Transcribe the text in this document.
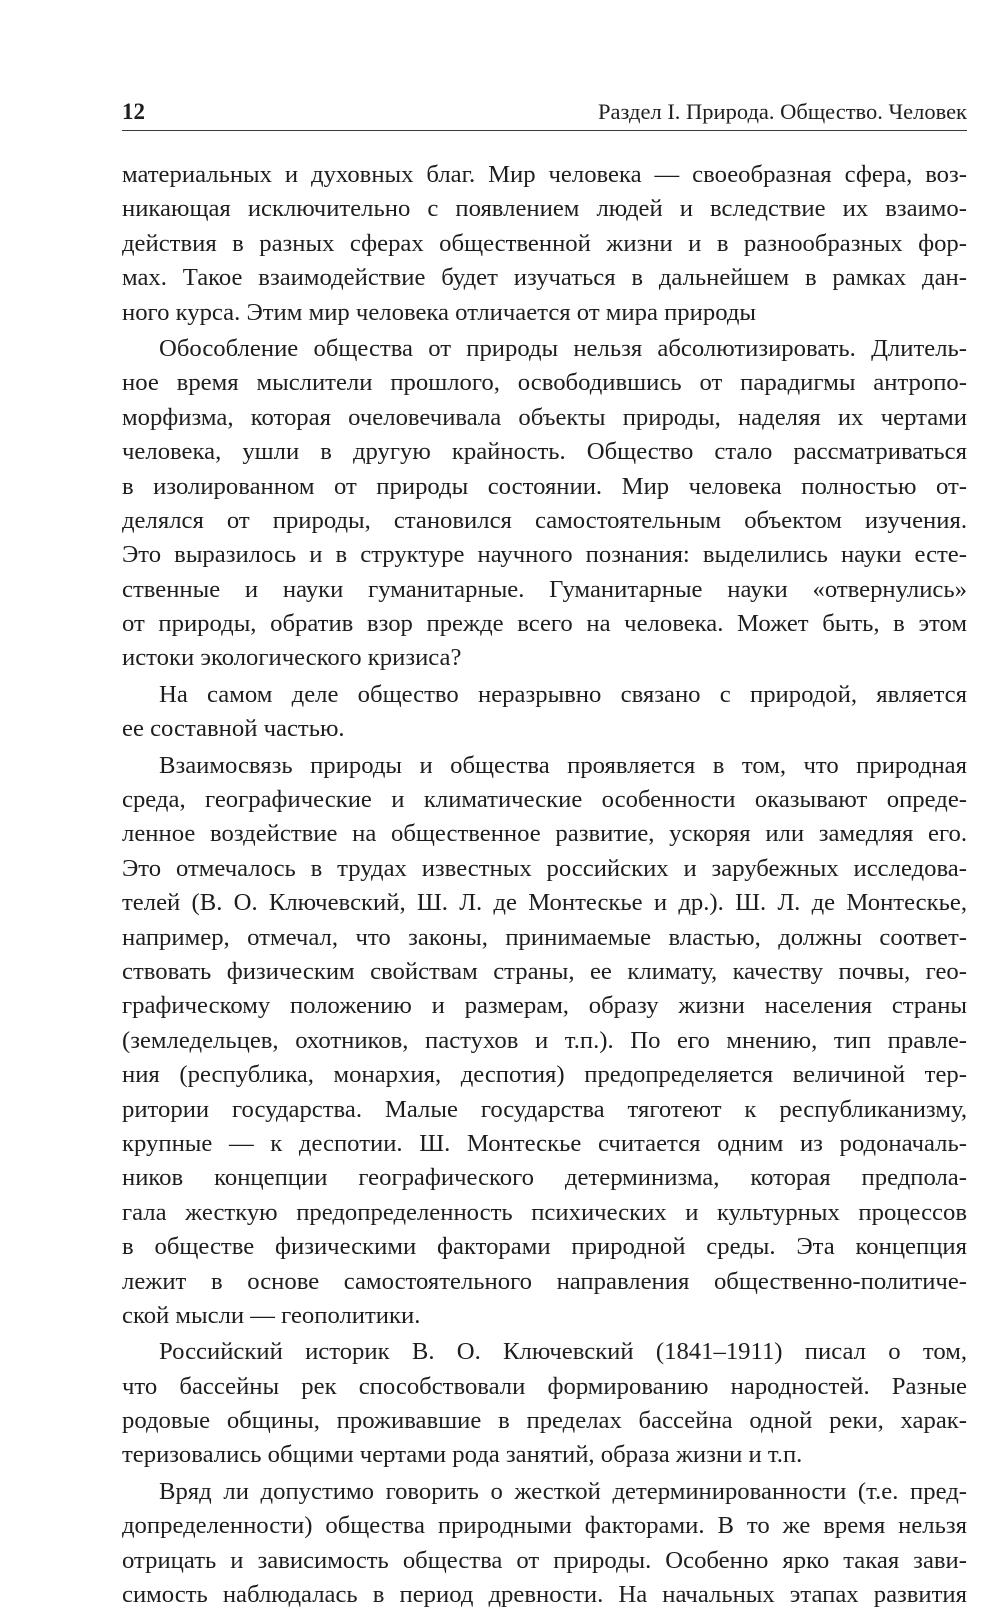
12	Раздел I. Природа. Общество. Человек
материальных и духовных благ. Мир человека — своеобразная сфера, воз-
никающая исключительно с появлением людей и вследствие их взаимо-
действия в разных сферах общественной жизни и в разнообразных фор-
мах. Такое взаимодействие будет изучаться в дальнейшем в рамках дан-
ного курса. Этим мир человека отличается от мира природы
Обособление общества от природы нельзя абсолютизировать. Длитель-
ное время мыслители прошлого, освободившись от парадигмы антропо-
морфизма, которая очеловечивала объекты природы, наделяя их чертами
человека, ушли в другую крайность. Общество стало рассматриваться
в изолированном от природы состоянии. Мир человека полностью от-
делялся от природы, становился самостоятельным объектом изучения.
Это выразилось и в структуре научного познания: выделились науки есте-
ственные и науки гуманитарные. Гуманитарные науки «отвернулись»
от природы, обратив взор прежде всего на человека. Может быть, в этом
истоки экологического кризиса?
На самом деле общество неразрывно связано с природой, является
ее составной частью.
Взаимосвязь природы и общества проявляется в том, что природная
среда, географические и климатические особенности оказывают опреде-
ленное воздействие на общественное развитие, ускоряя или замедляя его.
Это отмечалось в трудах известных российских и зарубежных исследова-
телей (В. О. Ключевский, Ш. Л. де Монтескье и др.). Ш. Л. де Монтескье,
например, отмечал, что законы, принимаемые властью, должны соответ-
ствовать физическим свойствам страны, ее климату, качеству почвы, гео-
графическому положению и размерам, образу жизни населения страны
(земледельцев, охотников, пастухов и т.п.). По его мнению, тип правле-
ния (республика, монархия, деспотия) предопределяется величиной тер-
ритории государства. Малые государства тяготеют к республиканизму,
крупные — к деспотии. Ш. Монтескье считается одним из родоначаль-
ников концепции географического детерминизма, которая предпола-
гала жесткую предопределенность психических и культурных процессов
в обществе физическими факторами природной среды. Эта концепция
лежит в основе самостоятельного направления общественно-политиче-
ской мысли — геополитики.
Российский историк В. О. Ключевский (1841–1911) писал о том,
что бассейны рек способствовали формированию народностей. Разные
родовые общины, проживавшие в пределах бассейна одной реки, харак-
теризовались общими чертами рода занятий, образа жизни и т.п.
Вряд ли допустимо говорить о жесткой детерминированности (т.е. пред-
допределенности) общества природными факторами. В то же время нельзя
отрицать и зависимость общества от природы. Особенно ярко такая зави-
симость наблюдалась в период древности. На начальных этапах развития
